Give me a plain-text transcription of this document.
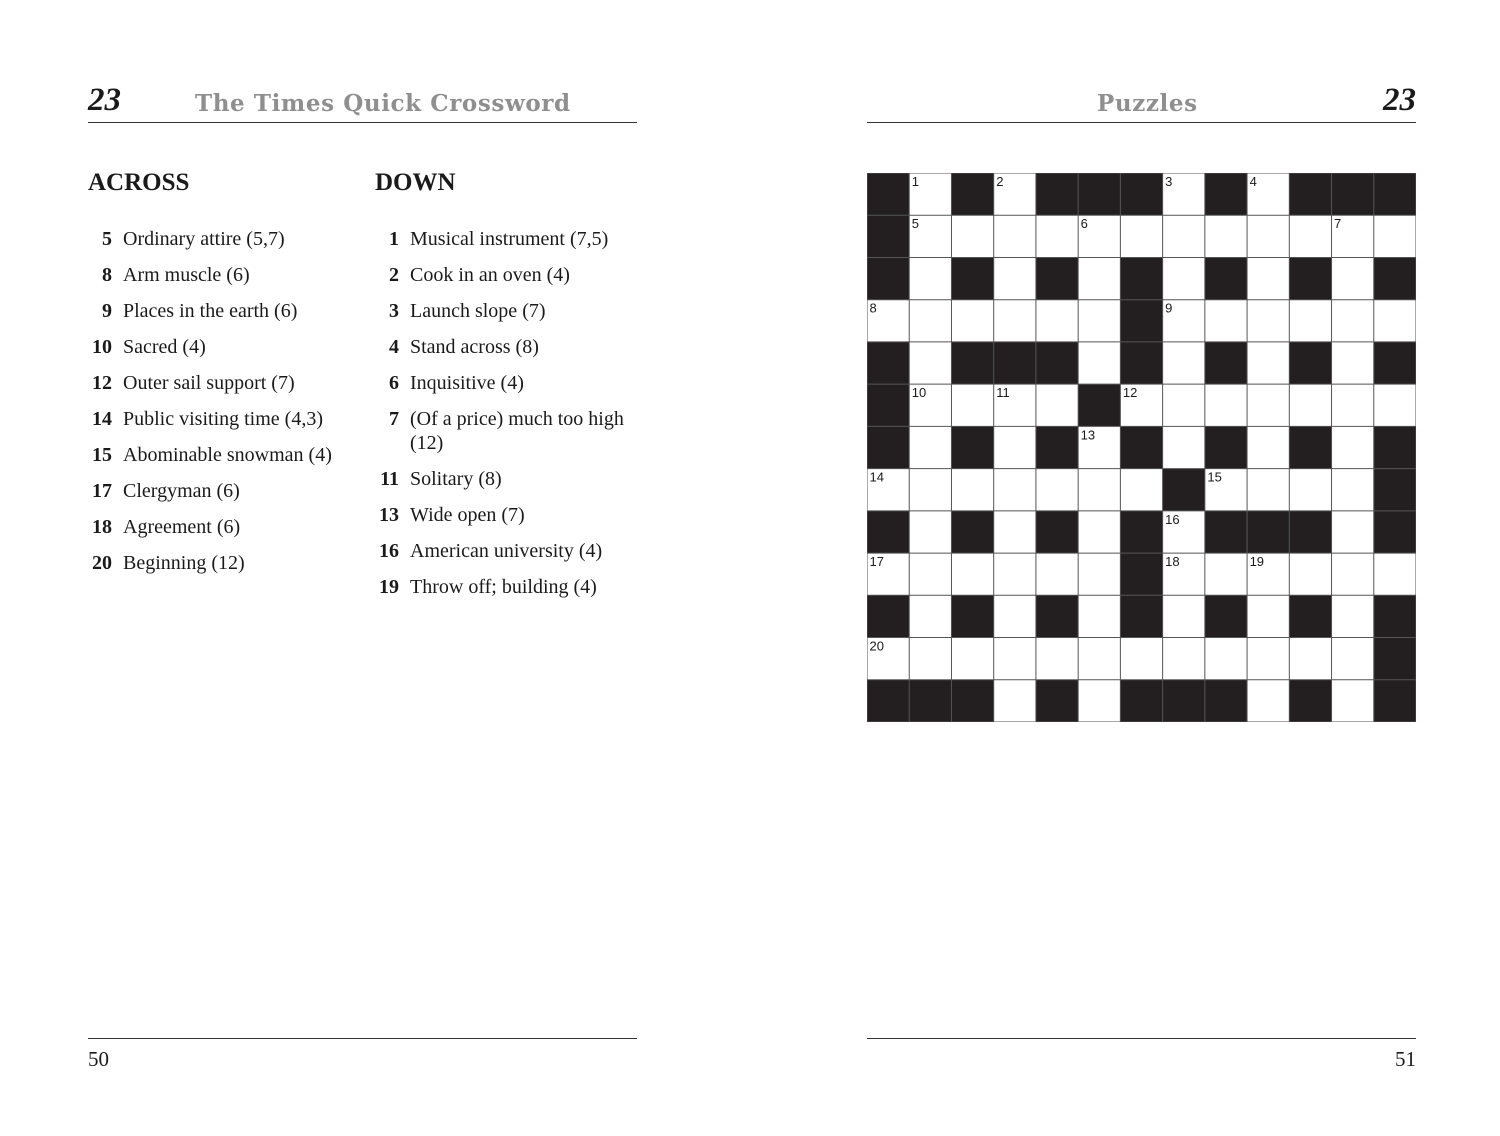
23	The Times Quick Crossword	Puzzles	23
ACROSS
5 Ordinary attire (5,7)
8 Arm muscle (6)
9 Places in the earth (6)
10 Sacred (4)
12 Outer sail support (7)
14 Public visiting time (4,3)
15 Abominable snowman (4)
17 Clergyman (6)
18 Agreement (6)
20 Beginning (12)
DOWN
1 Musical instrument (7,5)
2 Cook in an oven (4)
3 Launch slope (7)
4 Stand across (8)
6 Inquisitive (4)
7 (Of a price) much too high (12)
11 Solitary (8)
13 Wide open (7)
16 American university (4)
19 Throw off; building (4)
1	2	3	4
5	6	7
8	9
10	11	12
13
14	15
16
17	18	19
20
50	51
